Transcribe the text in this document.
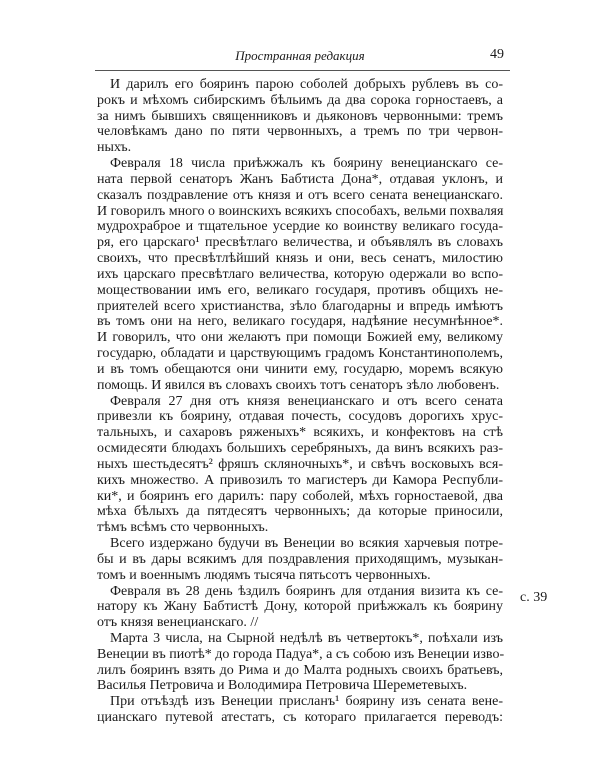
Пространная редакция	49
И дарилъ его бояринъ парою соболей добрыхъ рублевъ въ со-
рокъ и мѣхомъ сибирскимъ бѣльимъ да два сорока горностаевъ, а
за нимъ бывшихъ священниковъ и дьяконовъ червонными: тремъ
человѣкамъ дано по пяти червонныхъ, а тремъ по три червон-
ныхъ.
Февраля 18 числа приѣжжалъ къ боярину венецианскаго се-
ната первой сенаторъ Жанъ Бабтиста Дона*, отдавая уклонъ, и
сказалъ поздравление отъ князя и отъ всего сената венецианскаго.
И говорилъ много о воинскихъ всякихъ способахъ, вельми похваляя
мудрохраброе и тщательное усердие ко воинству великаго госуда-
ря, его царскаго¹ пресвѣтлаго величества, и объявлялъ въ словахъ
своихъ, что пресвѣтлѣйший князь и они, весь сенатъ, милостию
ихъ царскаго пресвѣтлаго величества, которую одержали во вспо-
моществовании имъ его, великаго государя, противъ общихъ не-
приятелей всего христианства, зѣло благодарны и впредь имѣютъ
въ томъ они на него, великаго государя, надѣяние несумнѣнное*.
И говорилъ, что они желаютъ при помощи Божией ему, великому
государю, обладати и царствующимъ градомъ Константинополемъ,
и въ томъ обещаются они чинити ему, государю, моремъ всякую
помощь. И явился въ словахъ своихъ тотъ сенаторъ зѣло любовенъ.
Февраля 27 дня отъ князя венецианскаго и отъ всего сената
привезли къ боярину, отдавая почесть, сосудовъ дорогихъ хрус-
тальныхъ, и сахаровъ ряженыхъ* всякихъ, и конфектовъ на стѣ
осмидесяти блюдахъ большихъ серебряныхъ, да винъ всякихъ раз-
ныхъ шестьдесятъ² фряшъ скляночныхъ*, и свѣчъ восковыхъ вся-
кихъ множество. А привозилъ то магистеръ ди Камора Республи-
ки*, и бояринъ его дарилъ: пару соболей, мѣхъ горностаевой, два
мѣха бѣлыхъ да пятдесятъ червонныхъ; да которые приносили,
тѣмъ всѣмъ сто червонныхъ.
Всего издержано будучи въ Венеции во всякия харчевыя потре-
бы и въ дары всякимъ для поздравления приходящимъ, музыкан-
томъ и военнымъ людямъ тысяча пятьсотъ червонныхъ.
Февраля въ 28 день ѣздилъ бояринъ для отдания визита къ се-
натору къ Жану Бабтистѣ Дону, которой приѣжжалъ къ боярину
отъ князя венецианскаго. //
Марта 3 числа, на Сырной недѣлѣ въ четвертокъ*, поѣхали изъ
Венеции въ пиотѣ* до города Падуа*, а съ собою изъ Венеции изво-
лилъ бояринъ взять до Рима и до Малта родныхъ своихъ братьевъ,
Василья Петровича и Володимира Петровича Шереметевыхъ.
При отъѣздѣ изъ Венеции присланъ¹ боярину изъ сената вене-
цианскаго путевой атестатъ, съ котораго прилагается переводъ:
с. 39
